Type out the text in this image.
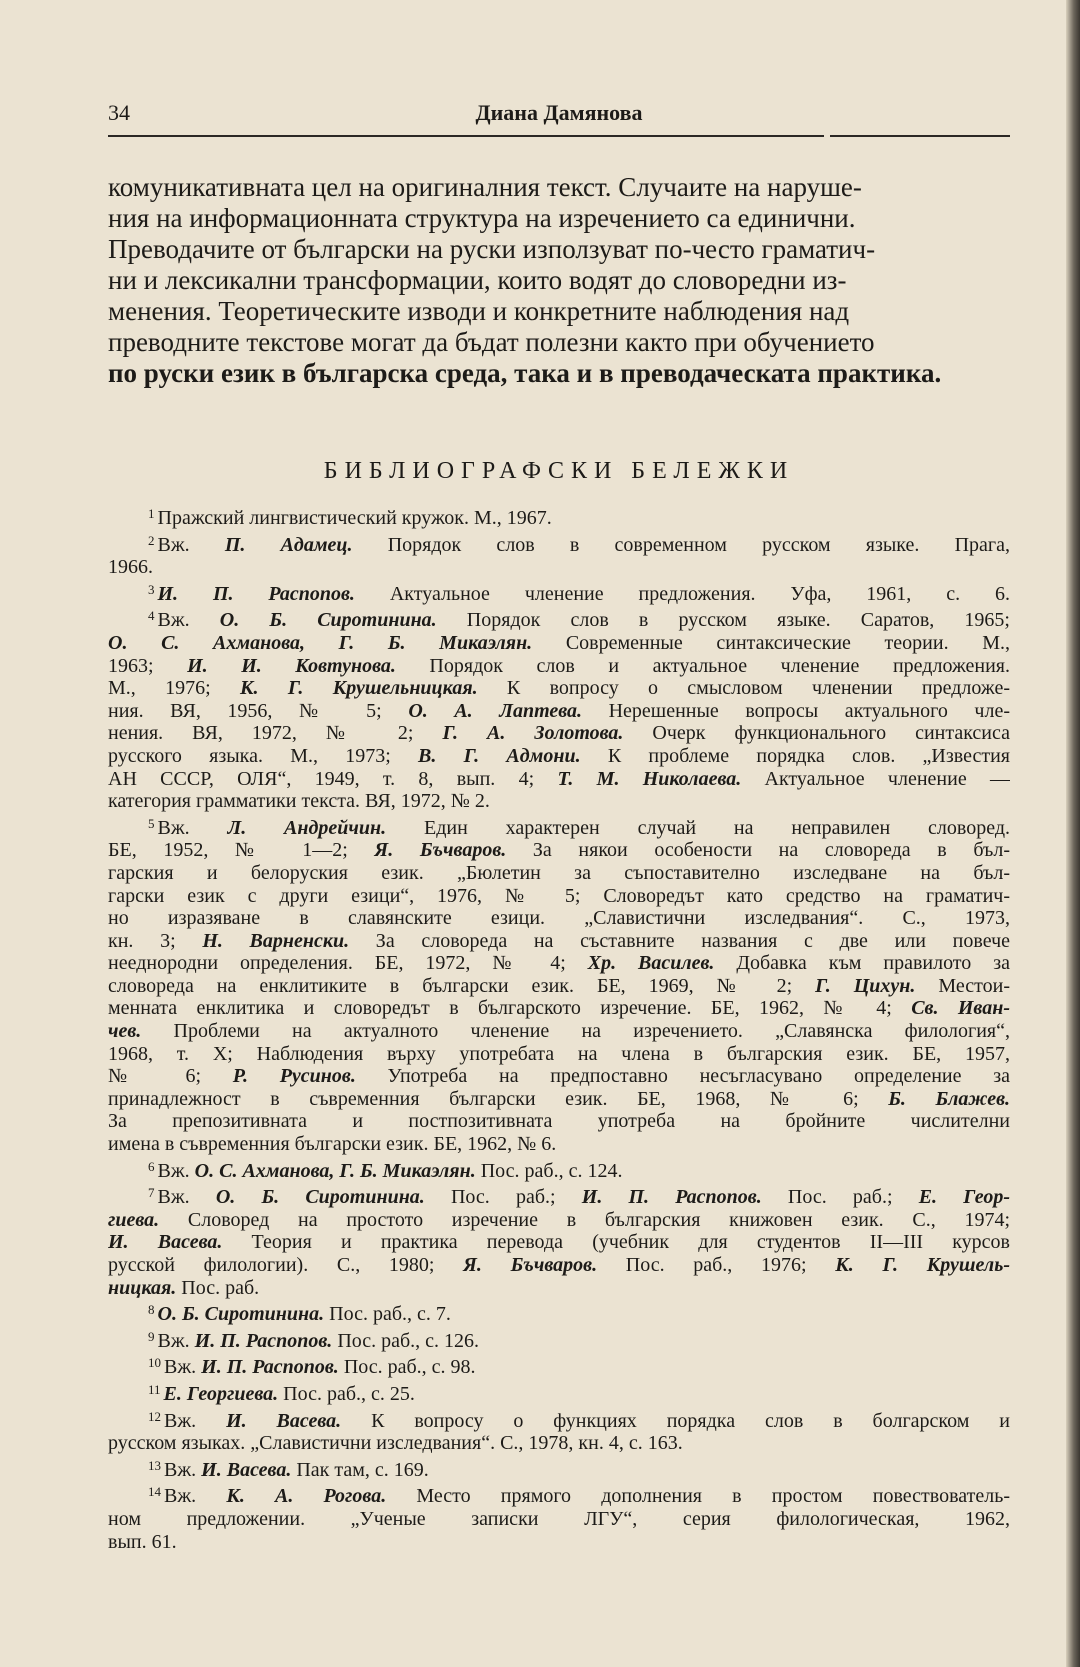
34	Диана Дамянова
комуникативната цел на оригиналния текст. Случаите на наруше-
ния на информационната структура на изречението са единични.
Преводачите от български на руски използуват по-често граматич-
ни и лексикални трансформации, които водят до словоредни из-
менения. Теоретическите изводи и конкретните наблюдения над
преводните текстове могат да бъдат полезни както при обучението
по руски език в българска среда, така и в преводаческата практика.
БИБЛИОГРАФСКИ БЕЛЕЖКИ
$^1$ Пражский лингвистический кружок. М., 1967.
$^2$ Вж. П. Адамец. Порядок слов в современном русском языке. Прага,
1966.
$^3$ И. П. Распопов. Актуальное членение предложения. Уфа, 1961, с. 6.
$^4$ Вж. О. Б. Сиротинина. Порядок слов в русском языке. Саратов, 1965;
О. С. Ахманова, Г. Б. Микаэлян. Современные синтаксические теории. М.,
1963; И. И. Ковтунова. Порядок слов и актуальное членение предложения.
М., 1976; К. Г. Крушельницкая. К вопросу о смысловом членении предложе-
ния. ВЯ, 1956, № 5; О. А. Лаптева. Нерешенные вопросы актуального чле-
нения. ВЯ, 1972, № 2; Г. А. Золотова. Очерк функционального синтаксиса
русского языка. М., 1973; В. Г. Адмони. К проблеме порядка слов. „Известия
АН СССР, ОЛЯ“, 1949, т. 8, вып. 4; Т. М. Николаева. Актуальное членение —
категория грамматики текста. ВЯ, 1972, № 2.
$^5$ Вж. Л. Андрейчин. Един характерен случай на неправилен словоред.
БЕ, 1952, № 1—2; Я. Бъчваров. За някои особености на словореда в бъл-
гарския и белоруския език. „Бюлетин за съпоставително изследване на бъл-
гарски език с други езици“, 1976, № 5; Словоредът като средство на граматич-
но изразяване в славянските езици. „Славистични изследвания“. С., 1973,
кн. 3; Н. Варненски. За словореда на съставните названия с две или повече
нееднородни определения. БЕ, 1972, № 4; Хр. Василев. Добавка към правилото за
словореда на енклитиките в български език. БЕ, 1969, № 2; Г. Цихун. Местои-
менната енклитика и словоредът в българското изречение. БЕ, 1962, № 4; Св. Иван-
чев. Проблеми на актуалното членение на изречението. „Славянска филология“,
1968, т. X; Наблюдения върху употребата на члена в българския език. БЕ, 1957,
№ 6; Р. Русинов. Употреба на предпоставно несъгласувано определение за
принадлежност в съвременния български език. БЕ, 1968, № 6; Б. Блажев.
За препозитивната и постпозитивната употреба на бройните числителни
имена в съвременния български език. БЕ, 1962, № 6.
$^6$ Вж. О. С. Ахманова, Г. Б. Микаэлян. Пос. раб., с. 124.
$^7$ Вж. О. Б. Сиротинина. Пос. раб.; И. П. Распопов. Пос. раб.; Е. Геор-
гиева. Словоред на простото изречение в българския книжовен език. С., 1974;
И. Васева. Теория и практика перевода (учебник для студентов II—III курсов
русской филологии). С., 1980; Я. Бъчваров. Пос. раб., 1976; К. Г. Крушель-
ницкая. Пос. раб.
$^8$ О. Б. Сиротинина. Пос. раб., с. 7.
$^9$ Вж. И. П. Распопов. Пос. раб., с. 126.
$^{10}$ Вж. И. П. Распопов. Пос. раб., с. 98.
$^{11}$ Е. Георгиева. Пос. раб., с. 25.
$^{12}$ Вж. И. Васева. К вопросу о функциях порядка слов в болгарском и
русском языках. „Славистични изследвания“. С., 1978, кн. 4, с. 163.
$^{13}$ Вж. И. Васева. Пак там, с. 169.
$^{14}$ Вж. К. А. Рогова. Место прямого дополнения в простом повествователь-
ном предложении. „Ученые записки ЛГУ“, серия филологическая, 1962,
вып. 61.
